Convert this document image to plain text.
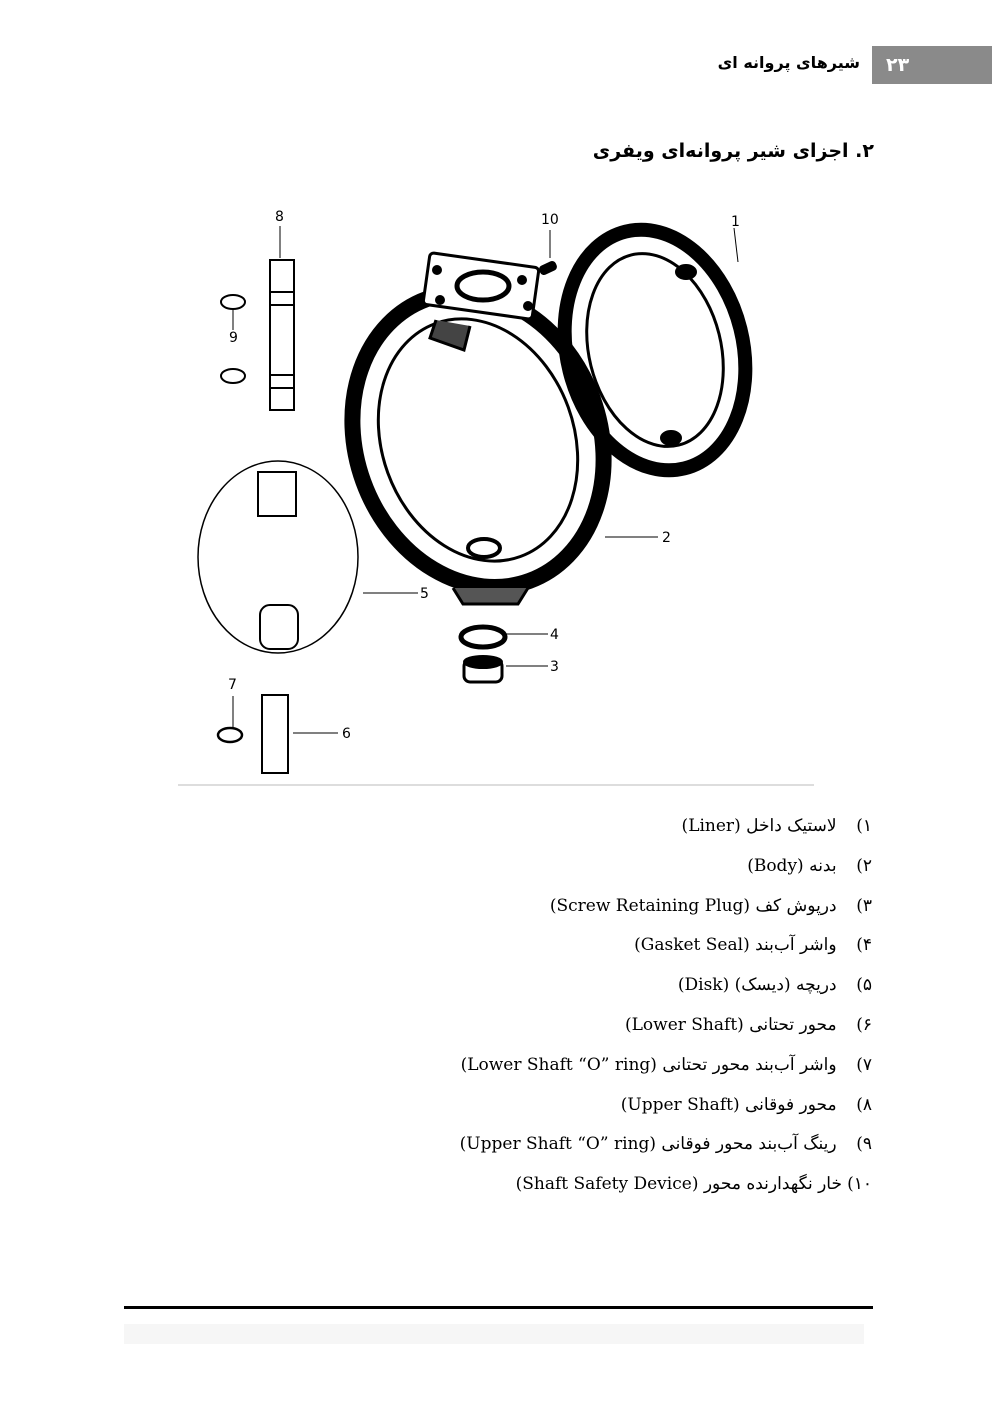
۲۳
شیرهای پروانه ای
۲. اجزای شیر پروانه‌ای ویفری
8
9
10	1
2
5
4
3
7
6
۱) لاستیک داخل (Liner)
۲) بدنه (Body)
۳) درپوش کف (Screw Retaining Plug)
۴) واشر آب‌بند (Gasket Seal)
۵) دریچه (دیسک) (Disk)
۶) محور تحتانی (Lower Shaft)
۷) واشر آب‌بند محور تحتانی (Lower Shaft “O” ring)
۸) محور فوقانی (Upper Shaft)
۹) رینگ آب‌بند محور فوقانی (Upper Shaft “O” ring)
۱۰)خار نگهدارنده محور (Shaft Safety Device)
